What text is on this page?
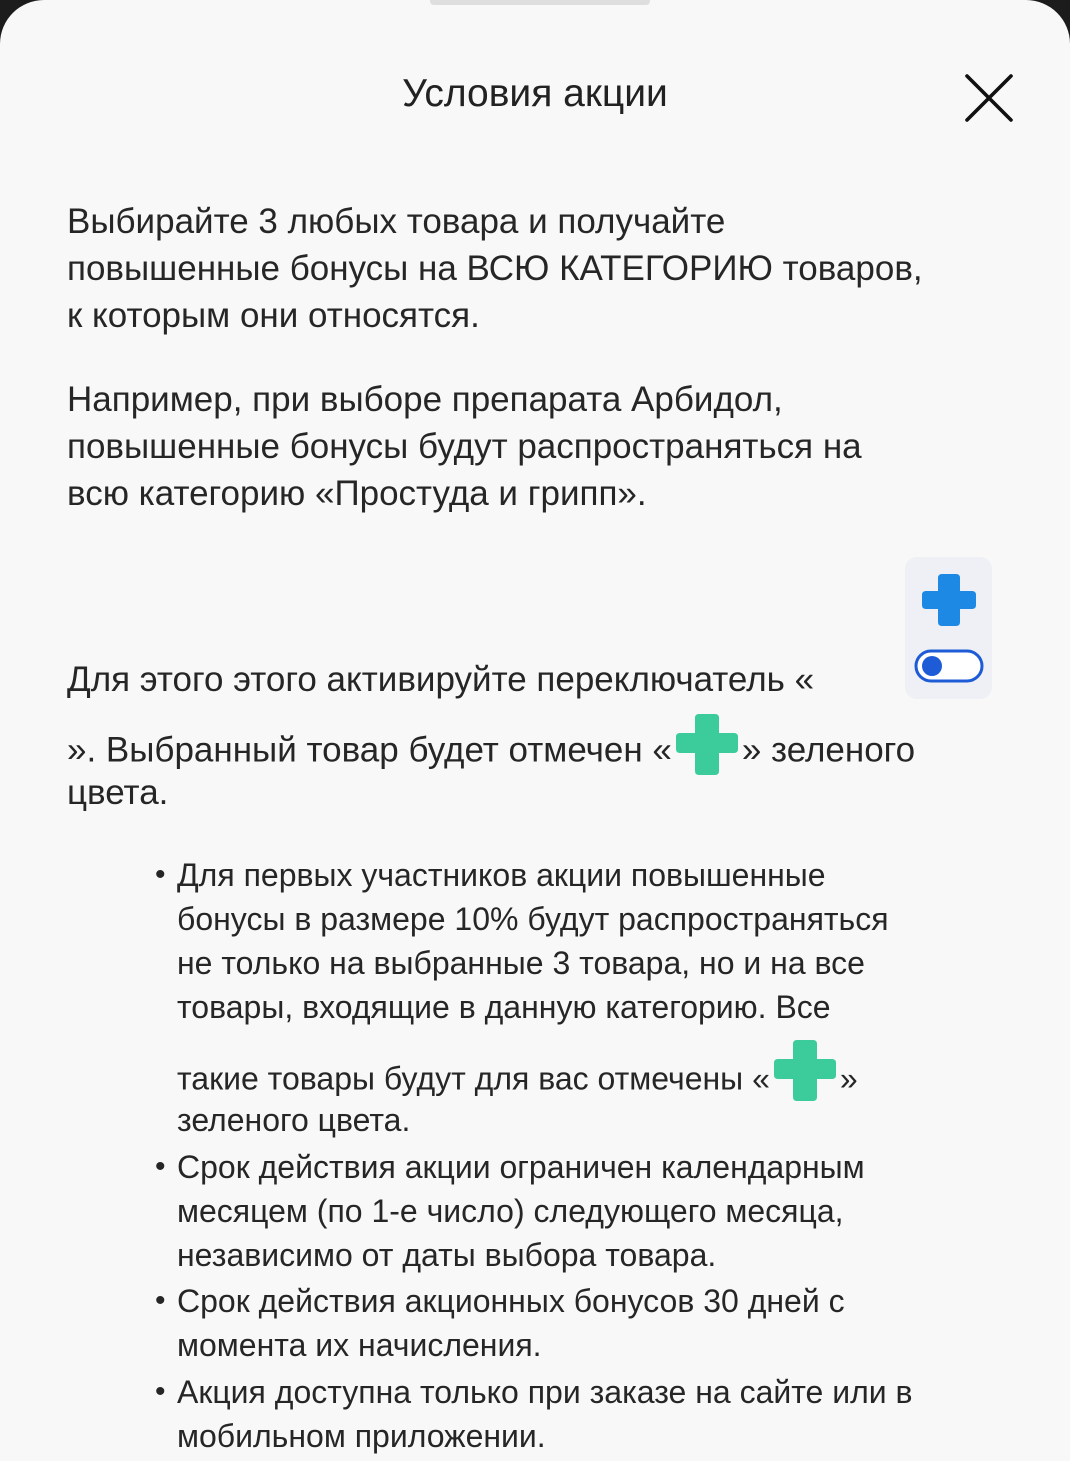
Условия акции
Выбирайте 3 любых товара и получайте
повышенные бонусы на ВСЮ КАТЕГОРИЮ товаров,
к которым они относятся.
Например, при выборе препарата Арбидол,
повышенные бонусы будут распространяться на
всю категорию «Простуда и грипп».
Для этого этого активируйте переключатель «
». Выбранный товар будет отмечен « » зеленого
цвета.
• Для первых участников акции повышенные
бонусы в размере 10% будут распространяться
не только на выбранные 3 товара, но и на все
товары, входящие в данную категорию. Все
такие товары будут для вас отмечены « »
зеленого цвета.
• Срок действия акции ограничен календарным
месяцем (по 1-е число) следующего месяца,
независимо от даты выбора товара.
• Срок действия акционных бонусов 30 дней с
момента их начисления.
• Акция доступна только при заказе на сайте или в
мобильном приложении.
